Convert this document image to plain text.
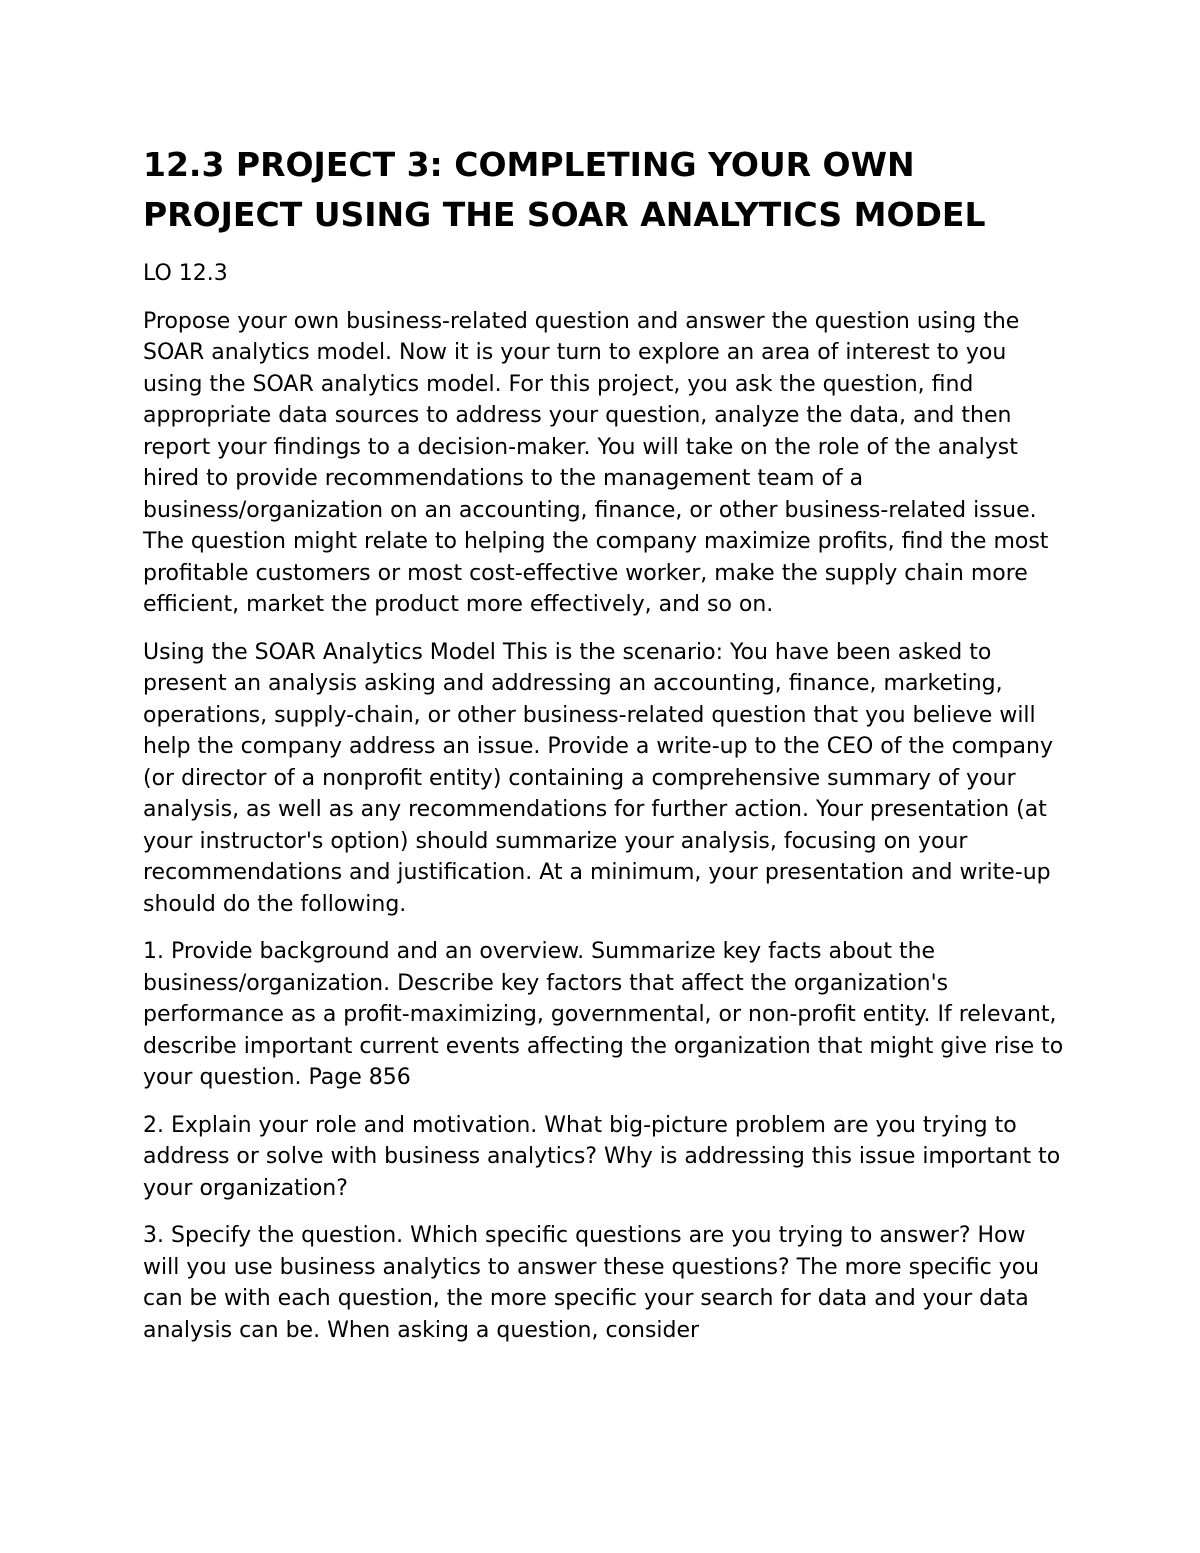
12.3 PROJECT 3: COMPLETING YOUR OWN PROJECT USING THE SOAR ANALYTICS MODEL

LO 12.3

Propose your own business-related question and answer the question using the SOAR analytics model. Now it is your turn to explore an area of interest to you using the SOAR analytics model. For this project, you ask the question, find appropriate data sources to address your question, analyze the data, and then report your findings to a decision-maker. You will take on the role of the analyst hired to provide recommendations to the management team of a business/organization on an accounting, finance, or other business-related issue. The question might relate to helping the company maximize profits, find the most profitable customers or most cost-effective worker, make the supply chain more efficient, market the product more effectively, and so on.

Using the SOAR Analytics Model This is the scenario: You have been asked to present an analysis asking and addressing an accounting, finance, marketing, operations, supply-chain, or other business-related question that you believe will help the company address an issue. Provide a write-up to the CEO of the company (or director of a nonprofit entity) containing a comprehensive summary of your analysis, as well as any recommendations for further action. Your presentation (at your instructor's option) should summarize your analysis, focusing on your recommendations and justification. At a minimum, your presentation and write-up should do the following.

1. Provide background and an overview. Summarize key facts about the business/organization. Describe key factors that affect the organization's performance as a profit-maximizing, governmental, or non-profit entity. If relevant, describe important current events affecting the organization that might give rise to your question. Page 856

2. Explain your role and motivation. What big-picture problem are you trying to address or solve with business analytics? Why is addressing this issue important to your organization?

3. Specify the question. Which specific questions are you trying to answer? How will you use business analytics to answer these questions? The more specific you can be with each question, the more specific your search for data and your data analysis can be. When asking a question, consider
